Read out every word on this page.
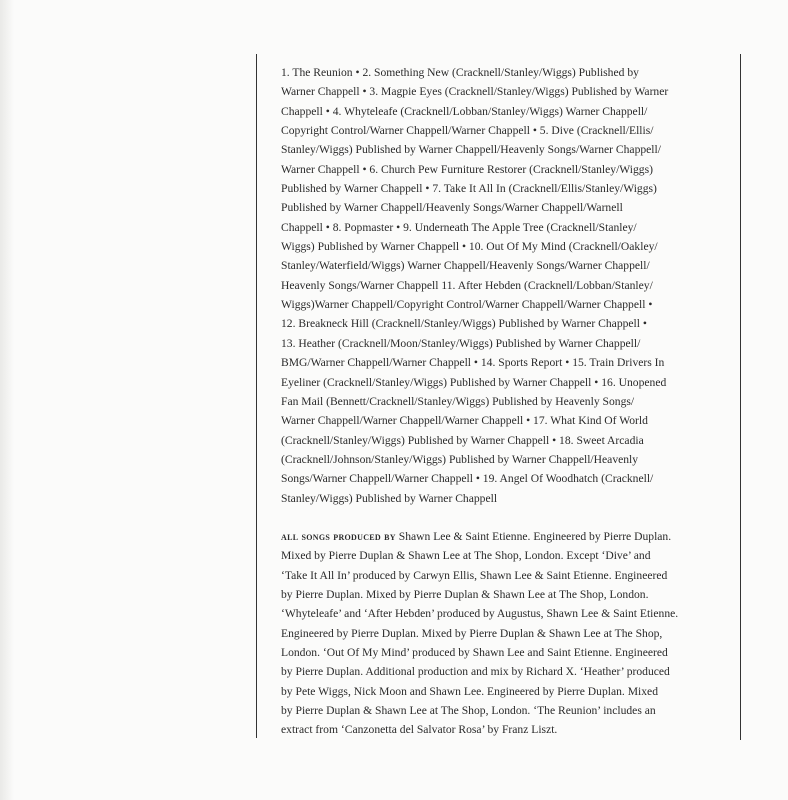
1. The Reunion • 2. Something New (Cracknell/Stanley/Wiggs) Published by
Warner Chappell • 3. Magpie Eyes (Cracknell/Stanley/Wiggs) Published by Warner
Chappell • 4. Whyteleafe (Cracknell/Lobban/Stanley/Wiggs) Warner Chappell/
Copyright Control/Warner Chappell/Warner Chappell • 5. Dive (Cracknell/Ellis/
Stanley/Wiggs) Published by Warner Chappell/Heavenly Songs/Warner Chappell/
Warner Chappell • 6. Church Pew Furniture Restorer (Cracknell/Stanley/Wiggs)
Published by Warner Chappell • 7. Take It All In (Cracknell/Ellis/Stanley/Wiggs)
Published by Warner Chappell/Heavenly Songs/Warner Chappell/Warnell
Chappell • 8. Popmaster • 9. Underneath The Apple Tree (Cracknell/Stanley/
Wiggs) Published by Warner Chappell • 10. Out Of My Mind (Cracknell/Oakley/
Stanley/Waterfield/Wiggs) Warner Chappell/Heavenly Songs/Warner Chappell/
Heavenly Songs/Warner Chappell 11. After Hebden (Cracknell/Lobban/Stanley/
Wiggs)Warner Chappell/Copyright Control/Warner Chappell/Warner Chappell •
12. Breakneck Hill (Cracknell/Stanley/Wiggs) Published by Warner Chappell •
13. Heather (Cracknell/Moon/Stanley/Wiggs) Published by Warner Chappell/
BMG/Warner Chappell/Warner Chappell • 14. Sports Report • 15. Train Drivers In
Eyeliner (Cracknell/Stanley/Wiggs) Published by Warner Chappell • 16. Unopened
Fan Mail (Bennett/Cracknell/Stanley/Wiggs) Published by Heavenly Songs/
Warner Chappell/Warner Chappell/Warner Chappell • 17. What Kind Of World
(Cracknell/Stanley/Wiggs) Published by Warner Chappell • 18. Sweet Arcadia
(Cracknell/Johnson/Stanley/Wiggs) Published by Warner Chappell/Heavenly
Songs/Warner Chappell/Warner Chappell • 19. Angel Of Woodhatch (Cracknell/
Stanley/Wiggs) Published by Warner Chappell
all songs produced by Shawn Lee & Saint Etienne. Engineered by Pierre Duplan.
Mixed by Pierre Duplan & Shawn Lee at The Shop, London. Except ‘Dive’ and
‘Take It All In’ produced by Carwyn Ellis, Shawn Lee & Saint Etienne. Engineered
by Pierre Duplan. Mixed by Pierre Duplan & Shawn Lee at The Shop, London.
‘Whyteleafe’ and ‘After Hebden’ produced by Augustus, Shawn Lee & Saint Etienne.
Engineered by Pierre Duplan. Mixed by Pierre Duplan & Shawn Lee at The Shop,
London. ‘Out Of My Mind’ produced by Shawn Lee and Saint Etienne. Engineered
by Pierre Duplan. Additional production and mix by Richard X. ‘Heather’ produced
by Pete Wiggs, Nick Moon and Shawn Lee. Engineered by Pierre Duplan. Mixed
by Pierre Duplan & Shawn Lee at The Shop, London. ‘The Reunion’ includes an
extract from ‘Canzonetta del Salvator Rosa’ by Franz Liszt.
